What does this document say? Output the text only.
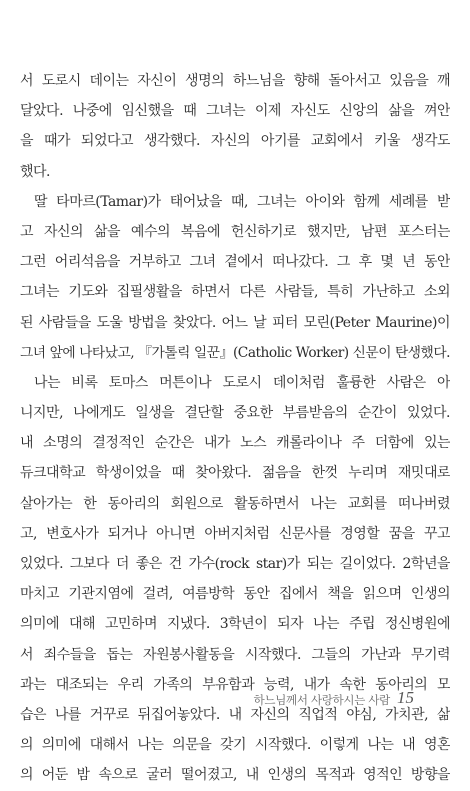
서 도로시 데이는 자신이 생명의 하느님을 향해 돌아서고 있음을 깨
달았다. 나중에 임신했을 때 그녀는 이제 자신도 신앙의 삶을 껴안
을 때가 되었다고 생각했다. 자신의 아기를 교회에서 키울 생각도
했다.

딸 타마르(Tamar)가 태어났을 때, 그녀는 아이와 함께 세례를 받
고 자신의 삶을 예수의 복음에 헌신하기로 했지만, 남편 포스터는
그런 어리석음을 거부하고 그녀 곁에서 떠나갔다. 그 후 몇 년 동안
그녀는 기도와 집필생활을 하면서 다른 사람들, 특히 가난하고 소외
된 사람들을 도울 방법을 찾았다. 어느 날 피터 모린(Peter Maurine)이
그녀 앞에 나타났고, 『가톨릭 일꾼』(Catholic Worker) 신문이 탄생했다.

나는 비록 토마스 머튼이나 도로시 데이처럼 훌륭한 사람은 아
니지만, 나에게도 일생을 결단할 중요한 부름받음의 순간이 있었다.
내 소명의 결정적인 순간은 내가 노스 캐롤라이나 주 더함에 있는
듀크대학교 학생이었을 때 찾아왔다. 젊음을 한껏 누리며 재밋대로
살아가는 한 동아리의 회원으로 활동하면서 나는 교회를 떠나버렸
고, 변호사가 되거나 아니면 아버지처럼 신문사를 경영할 꿈을 꾸고
있었다. 그보다 더 좋은 건 가수(rock star)가 되는 길이었다. 2학년을
마치고 기관지염에 걸려, 여름방학 동안 집에서 책을 읽으며 인생의
의미에 대해 고민하며 지냈다. 3학년이 되자 나는 주립 정신병원에
서 죄수들을 돕는 자원봉사활동을 시작했다. 그들의 가난과 무기력
과는 대조되는 우리 가족의 부유함과 능력, 내가 속한 동아리의 모
습은 나를 거꾸로 뒤집어놓았다. 내 자신의 직업적 야심, 가치관, 삶
의 의미에 대해서 나는 의문을 갖기 시작했다. 이렇게 나는 내 영혼
의 어둔 밤 속으로 굴러 떨어졌고, 내 인생의 목적과 영적인 방향을

하느님께서 사랑하시는 사람 15
